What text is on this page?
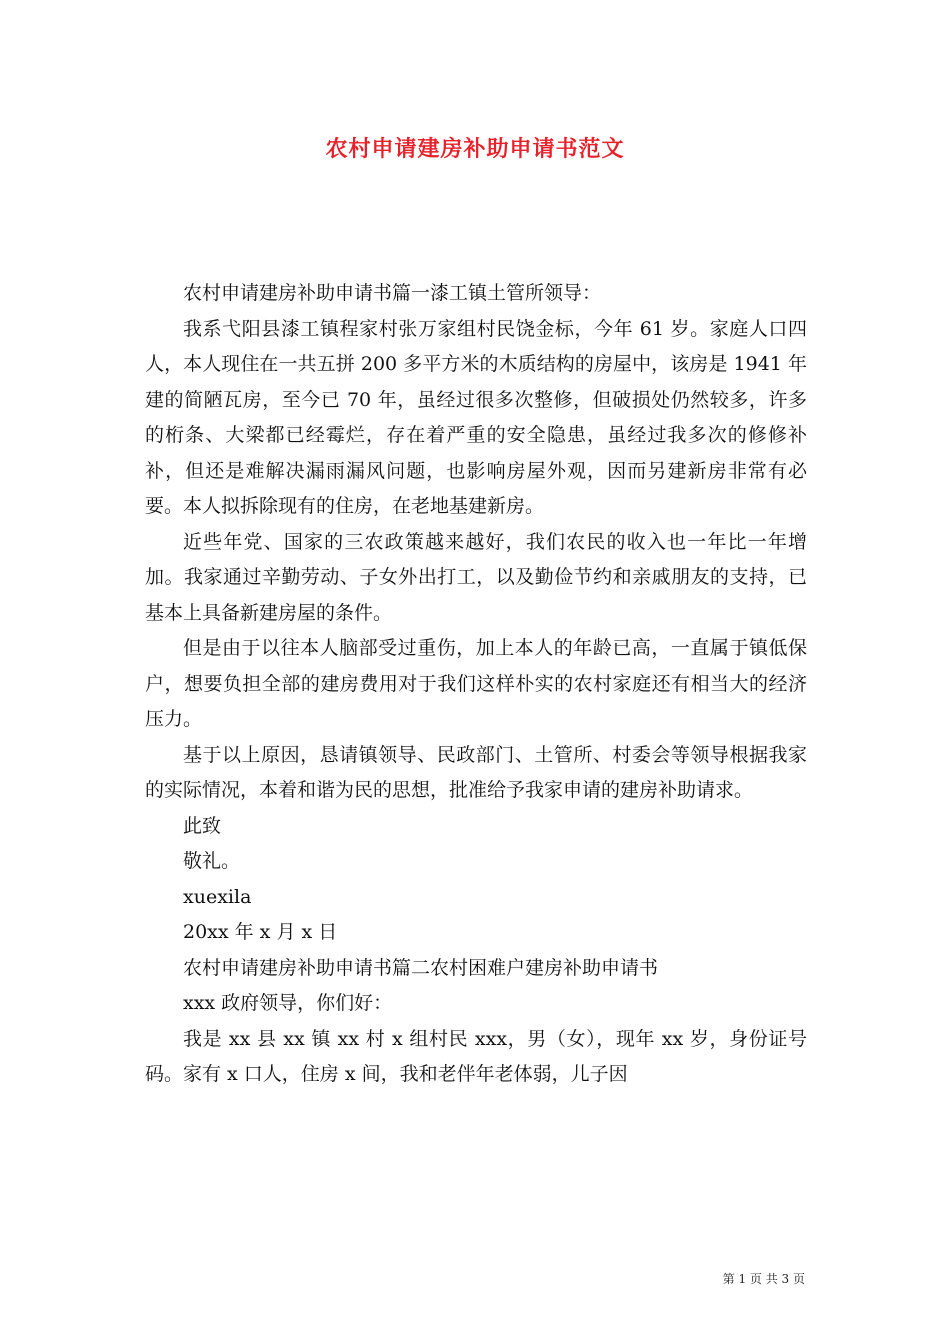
农村申请建房补助申请书范文

农村申请建房补助申请书篇一漆工镇土管所领导：

我系弋阳县漆工镇程家村张万家组村民饶金标，今年 61 岁。家庭人口四人，本人现住在一共五拼 200 多平方米的木质结构的房屋中，该房是 1941 年建的简陋瓦房，至今已 70 年，虽经过很多次整修，但破损处仍然较多，许多的桁条、大梁都已经霉烂，存在着严重的安全隐患，虽经过我多次的修修补补，但还是难解决漏雨漏风问题，也影响房屋外观，因而另建新房非常有必要。本人拟拆除现有的住房，在老地基建新房。

近些年党、国家的三农政策越来越好，我们农民的收入也一年比一年增加。我家通过辛勤劳动、子女外出打工，以及勤俭节约和亲戚朋友的支持，已基本上具备新建房屋的条件。

但是由于以往本人脑部受过重伤，加上本人的年龄已高，一直属于镇低保户，想要负担全部的建房费用对于我们这样朴实的农村家庭还有相当大的经济压力。

基于以上原因，恳请镇领导、民政部门、土管所、村委会等领导根据我家的实际情况，本着和谐为民的思想，批准给予我家申请的建房补助请求。

此致

敬礼。

xuexila

20xx 年 x 月 x 日

农村申请建房补助申请书篇二农村困难户建房补助申请书

xxx 政府领导，你们好：

我是 xx 县 xx 镇 xx 村 x 组村民 xxx，男（女），现年 xx 岁，身份证号码。家有 x 口人，住房 x 间，我和老伴年老体弱，儿子因

第 1 页 共 3 页
